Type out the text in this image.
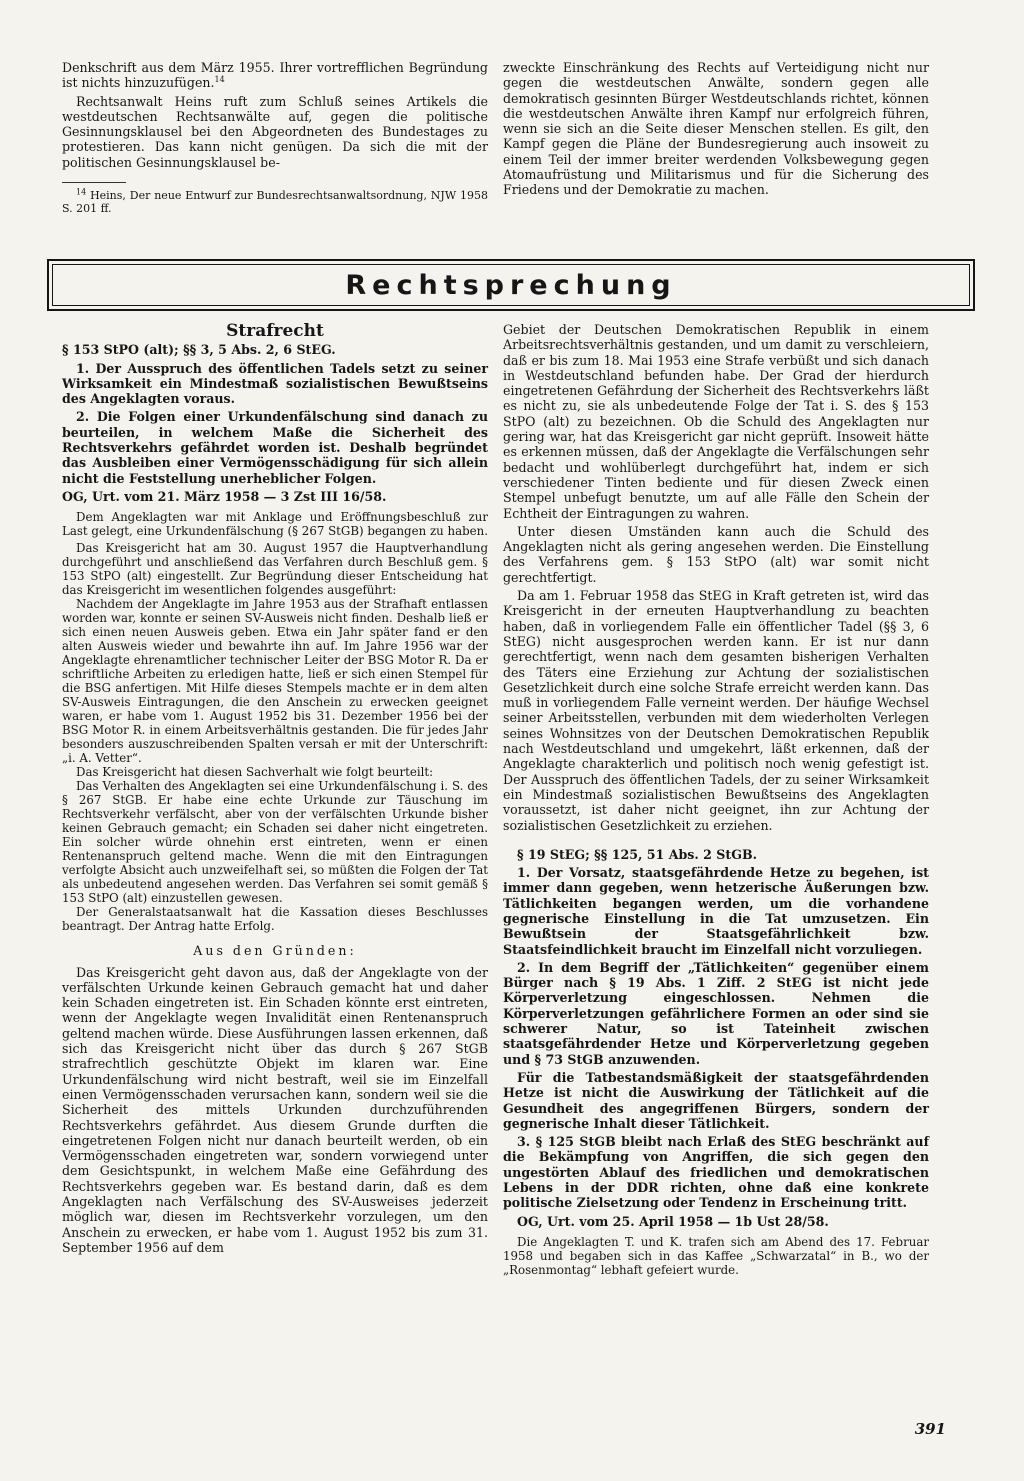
Denkschrift aus dem März 1955. Ihrer vortrefflichen Begründung ist nichts hinzuzufügen.$^{14}$

Rechtsanwalt Heins ruft zum Schluß seines Artikels die westdeutschen Rechtsanwälte auf, gegen die politische Gesinnungsklausel bei den Abgeordneten des Bundestages zu protestieren. Das kann nicht genügen. Da sich die mit der politischen Gesinnungsklausel be-

$^{14}$ Heins, Der neue Entwurf zur Bundesrechtsanwaltsordnung, NJW 1958 S. 201 ff.

zweckte Einschränkung des Rechts auf Verteidigung nicht nur gegen die westdeutschen Anwälte, sondern gegen alle demokratisch gesinnten Bürger Westdeutschlands richtet, können die westdeutschen Anwälte ihren Kampf nur erfolgreich führen, wenn sie sich an die Seite dieser Menschen stellen. Es gilt, den Kampf gegen die Pläne der Bundesregierung auch insoweit zu einem Teil der immer breiter werdenden Volksbewegung gegen Atomaufrüstung und Militarismus und für die Sicherung des Friedens und der Demokratie zu machen.

Rechtsprechung
Strafrecht

§ 153 StPO (alt); §§ 3, 5 Abs. 2, 6 StEG.

1. Der Ausspruch des öffentlichen Tadels setzt zu seiner Wirksamkeit ein Mindestmaß sozialistischen Bewußtseins des Angeklagten voraus.

2. Die Folgen einer Urkundenfälschung sind danach zu beurteilen, in welchem Maße die Sicherheit des Rechtsverkehrs gefährdet worden ist. Deshalb begründet das Ausbleiben einer Vermögensschädigung für sich allein nicht die Feststellung unerheblicher Folgen.

OG, Urt. vom 21. März 1958 — 3 Zst III 16/58.

Dem Angeklagten war mit Anklage und Eröffnungsbeschluß zur Last gelegt, eine Urkundenfälschung (§ 267 StGB) begangen zu haben.

Das Kreisgericht hat am 30. August 1957 die Hauptverhandlung durchgeführt und anschließend das Verfahren durch Beschluß gem. § 153 StPO (alt) eingestellt. Zur Begründung dieser Entscheidung hat das Kreisgericht im wesentlichen folgendes ausgeführt:

Nachdem der Angeklagte im Jahre 1953 aus der Strafhaft entlassen worden war, konnte er seinen SV-Ausweis nicht finden. Deshalb ließ er sich einen neuen Ausweis geben. Etwa ein Jahr später fand er den alten Ausweis wieder und bewahrte ihn auf. Im Jahre 1956 war der Angeklagte ehrenamtlicher technischer Leiter der BSG Motor R. Da er schriftliche Arbeiten zu erledigen hatte, ließ er sich einen Stempel für die BSG anfertigen. Mit Hilfe dieses Stempels machte er in dem alten SV-Ausweis Eintragungen, die den Anschein zu erwecken geeignet waren, er habe vom 1. August 1952 bis 31. Dezember 1956 bei der BSG Motor R. in einem Arbeitsverhältnis gestanden. Die für jedes Jahr besonders auszuschreibenden Spalten versah er mit der Unterschrift: „i. A. Vetter“.

Das Kreisgericht hat diesen Sachverhalt wie folgt beurteilt:

Das Verhalten des Angeklagten sei eine Urkundenfälschung i. S. des § 267 StGB. Er habe eine echte Urkunde zur Täuschung im Rechtsverkehr verfälscht, aber von der verfälschten Urkunde bisher keinen Gebrauch gemacht; ein Schaden sei daher nicht eingetreten. Ein solcher würde ohnehin erst eintreten, wenn er einen Rentenanspruch geltend mache. Wenn die mit den Eintragungen verfolgte Absicht auch unzweifelhaft sei, so müßten die Folgen der Tat als unbedeutend angesehen werden. Das Verfahren sei somit gemäß § 153 StPO (alt) einzustellen gewesen.

Der Generalstaatsanwalt hat die Kassation dieses Beschlusses beantragt. Der Antrag hatte Erfolg.

Aus den Gründen:

Das Kreisgericht geht davon aus, daß der Angeklagte von der verfälschten Urkunde keinen Gebrauch gemacht hat und daher kein Schaden eingetreten ist. Ein Schaden könnte erst eintreten, wenn der Angeklagte wegen Invalidität einen Rentenanspruch geltend machen würde. Diese Ausführungen lassen erkennen, daß sich das Kreisgericht nicht über das durch § 267 StGB strafrechtlich geschützte Objekt im klaren war. Eine Urkundenfälschung wird nicht bestraft, weil sie im Einzelfall einen Vermögensschaden verursachen kann, sondern weil sie die Sicherheit des mittels Urkunden durchzuführenden Rechtsverkehrs gefährdet. Aus diesem Grunde durften die eingetretenen Folgen nicht nur danach beurteilt werden, ob ein Vermögensschaden eingetreten war, sondern vorwiegend unter dem Gesichtspunkt, in welchem Maße eine Gefährdung des Rechtsverkehrs gegeben war. Es bestand darin, daß es dem Angeklagten nach Verfälschung des SV-Ausweises jederzeit möglich war, diesen im Rechtsverkehr vorzulegen, um den Anschein zu erwecken, er habe vom 1. August 1952 bis zum 31. September 1956 auf dem

Gebiet der Deutschen Demokratischen Republik in einem Arbeitsrechtsverhältnis gestanden, und um damit zu verschleiern, daß er bis zum 18. Mai 1953 eine Strafe verbüßt und sich danach in Westdeutschland befunden habe. Der Grad der hierdurch eingetretenen Gefährdung der Sicherheit des Rechtsverkehrs läßt es nicht zu, sie als unbedeutende Folge der Tat i. S. des § 153 StPO (alt) zu bezeichnen. Ob die Schuld des Angeklagten nur gering war, hat das Kreisgericht gar nicht geprüft. Insoweit hätte es erkennen müssen, daß der Angeklagte die Verfälschungen sehr bedacht und wohlüberlegt durchgeführt hat, indem er sich verschiedener Tinten bediente und für diesen Zweck einen Stempel unbefugt benutzte, um auf alle Fälle den Schein der Echtheit der Eintragungen zu wahren.

Unter diesen Umständen kann auch die Schuld des Angeklagten nicht als gering angesehen werden. Die Einstellung des Verfahrens gem. § 153 StPO (alt) war somit nicht gerechtfertigt.

Da am 1. Februar 1958 das StEG in Kraft getreten ist, wird das Kreisgericht in der erneuten Hauptverhandlung zu beachten haben, daß in vorliegendem Falle ein öffentlicher Tadel (§§ 3, 6 StEG) nicht ausgesprochen werden kann. Er ist nur dann gerechtfertigt, wenn nach dem gesamten bisherigen Verhalten des Täters eine Erziehung zur Achtung der sozialistischen Gesetzlichkeit durch eine solche Strafe erreicht werden kann. Das muß in vorliegendem Falle verneint werden. Der häufige Wechsel seiner Arbeitsstellen, verbunden mit dem wiederholten Verlegen seines Wohnsitzes von der Deutschen Demokratischen Republik nach Westdeutschland und umgekehrt, läßt erkennen, daß der Angeklagte charakterlich und politisch noch wenig gefestigt ist. Der Ausspruch des öffentlichen Tadels, der zu seiner Wirksamkeit ein Mindestmaß sozialistischen Bewußtseins des Angeklagten voraussetzt, ist daher nicht geeignet, ihn zur Achtung der sozialistischen Gesetzlichkeit zu erziehen.

§ 19 StEG; §§ 125, 51 Abs. 2 StGB.

1. Der Vorsatz, staatsgefährdende Hetze zu begehen, ist immer dann gegeben, wenn hetzerische Äußerungen bzw. Tätlichkeiten begangen werden, um die vorhandene gegnerische Einstellung in die Tat umzusetzen. Ein Bewußtsein der Staatsgefährlichkeit bzw. Staatsfeindlichkeit braucht im Einzelfall nicht vorzuliegen.

2. In dem Begriff der „Tätlichkeiten“ gegenüber einem Bürger nach § 19 Abs. 1 Ziff. 2 StEG ist nicht jede Körperverletzung eingeschlossen. Nehmen die Körperverletzungen gefährlichere Formen an oder sind sie schwerer Natur, so ist Tateinheit zwischen staatsgefährdender Hetze und Körperverletzung gegeben und § 73 StGB anzuwenden.

Für die Tatbestandsmäßigkeit der staatsgefährdenden Hetze ist nicht die Auswirkung der Tätlichkeit auf die Gesundheit des angegriffenen Bürgers, sondern der gegnerische Inhalt dieser Tätlichkeit.

3. § 125 StGB bleibt nach Erlaß des StEG beschränkt auf die Bekämpfung von Angriffen, die sich gegen den ungestörten Ablauf des friedlichen und demokratischen Lebens in der DDR richten, ohne daß eine konkrete politische Zielsetzung oder Tendenz in Erscheinung tritt.

OG, Urt. vom 25. April 1958 — 1b Ust 28/58.

Die Angeklagten T. und K. trafen sich am Abend des 17. Februar 1958 und begaben sich in das Kaffee „Schwarzatal“ in B., wo der „Rosenmontag“ lebhaft gefeiert wurde.

391
